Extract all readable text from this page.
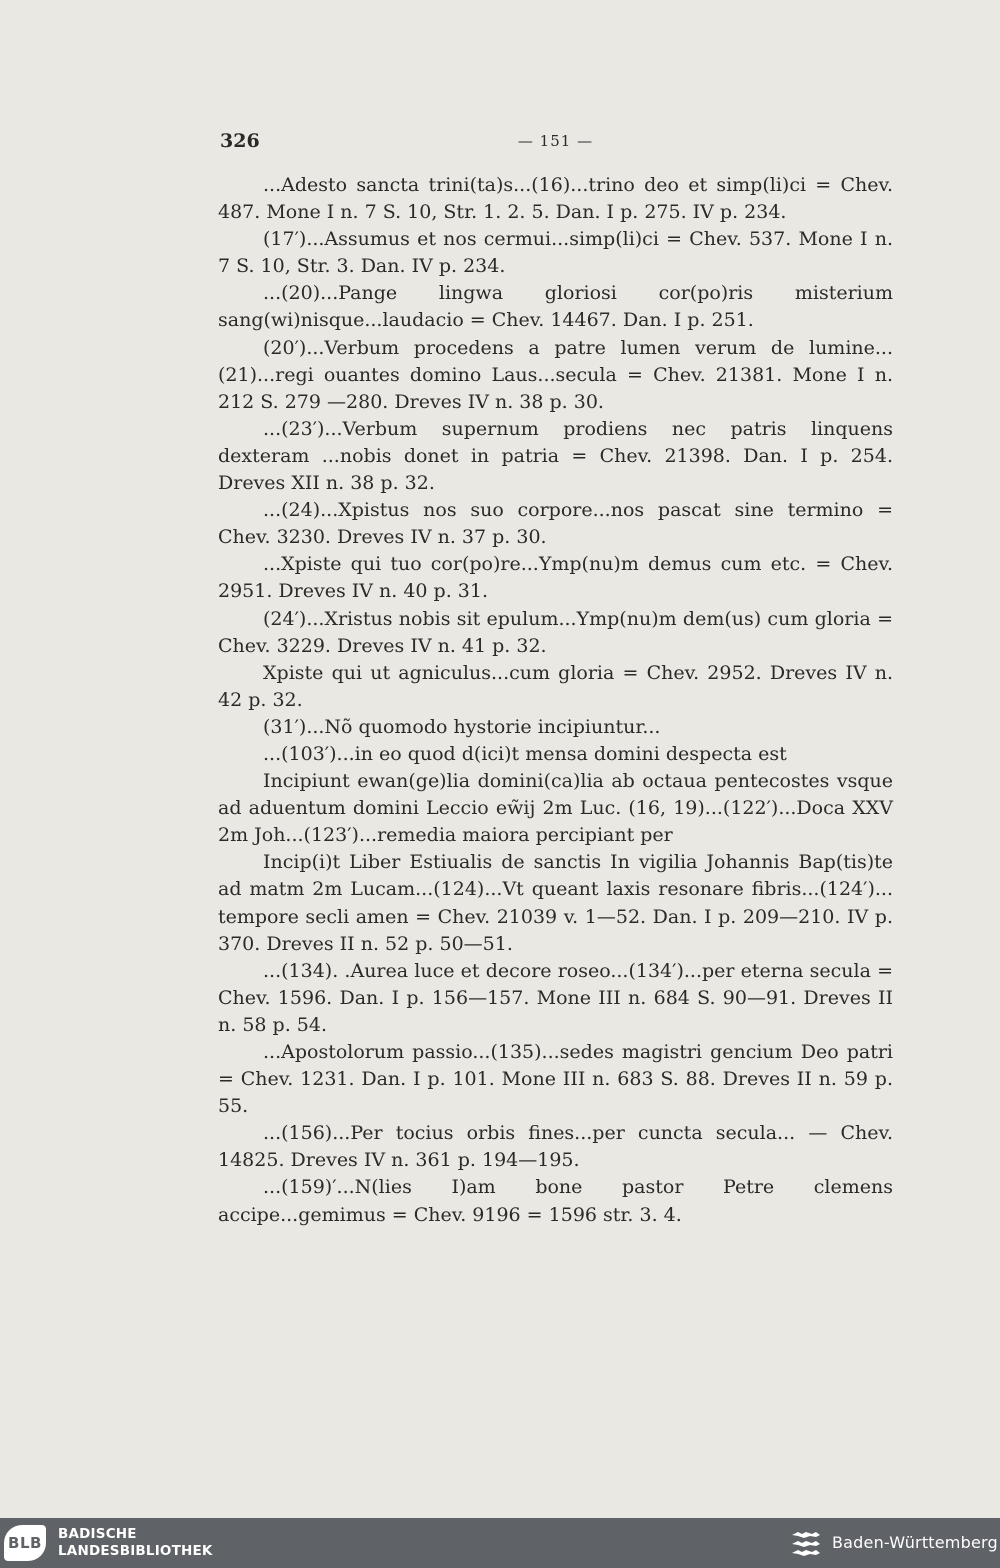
326	— 151 —

...Adesto sancta trini(ta)s...(16)...trino deo et simp(li)ci = Chev. 487. Mone I n. 7 S. 10, Str. 1. 2. 5. Dan. I p. 275. IV p. 234.

(17′)...Assumus et nos cermui...simp(li)ci = Chev. 537. Mone I n. 7 S. 10, Str. 3. Dan. IV p. 234.

...(20)...Pange lingwa gloriosi cor(po)ris misterium sang(wi)nisque...laudacio = Chev. 14467. Dan. I p. 251.

(20′)...Verbum procedens a patre lumen verum de lumine...(21)...regi ouantes domino Laus...secula = Chev. 21381. Mone I n. 212 S. 279 —280. Dreves IV n. 38 p. 30.

...(23′)...Verbum supernum prodiens nec patris linquens dexteram ...nobis donet in patria = Chev. 21398. Dan. I p. 254. Dreves XII n. 38 p. 32.

...(24)...Xpistus nos suo corpore...nos pascat sine termino = Chev. 3230. Dreves IV n. 37 p. 30.

...Xpiste qui tuo cor(po)re...Ymp(nu)m demus cum etc. = Chev. 2951. Dreves IV n. 40 p. 31.

(24′)...Xristus nobis sit epulum...Ymp(nu)m dem(us) cum gloria = Chev. 3229. Dreves IV n. 41 p. 32.

Xpiste qui ut agniculus...cum gloria = Chev. 2952. Dreves IV n. 42 p. 32.

(31′)...Nõ quomodo hystorie incipiuntur...

...(103′)...in eo quod d(ici)t mensa domini despecta est

Incipiunt ewan(ge)lia domini(ca)lia ab octaua pentecostes vsque ad aduentum domini Leccio ew̃ij 2m Luc. (16, 19)...(122′)...Doca XXV 2m Joh...(123′)...remedia maiora percipiant per

Incip(i)t Liber Estiualis de sanctis In vigilia Johannis Bap(tis)te ad matm 2m Lucam...(124)...Vt queant laxis resonare fibris...(124′)... tempore secli amen = Chev. 21039 v. 1—52. Dan. I p. 209—210. IV p. 370. Dreves II n. 52 p. 50—51.

...(134). .Aurea luce et decore roseo...(134′)...per eterna secula = Chev. 1596. Dan. I p. 156—157. Mone III n. 684 S. 90—91. Dreves II n. 58 p. 54.

...Apostolorum passio...(135)...sedes magistri gencium Deo patri = Chev. 1231. Dan. I p. 101. Mone III n. 683 S. 88. Dreves II n. 59 p. 55.

...(156)...Per tocius orbis fines...per cuncta secula... — Chev. 14825. Dreves IV n. 361 p. 194—195.

...(159)′...N(lies I)am bone pastor Petre clemens accipe...gemimus = Chev. 9196 = 1596 str. 3. 4.

BLB BADISCHE
LANDESBIBLIOTHEK	Baden-Württemberg
